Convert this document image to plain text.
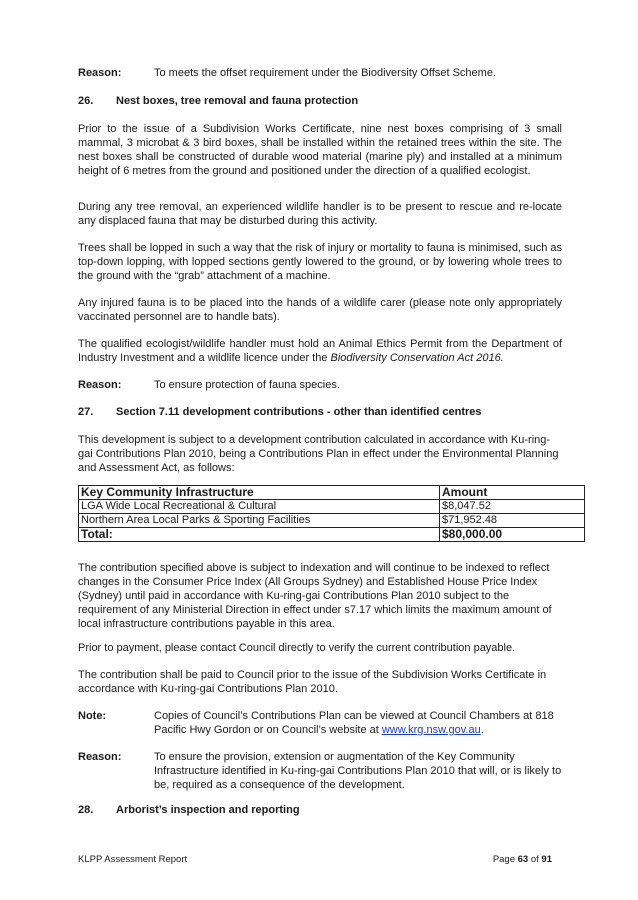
Reason:	To meets the offset requirement under the Biodiversity Offset Scheme.
26. Nest boxes, tree removal and fauna protection

Prior to the issue of a Subdivision Works Certificate, nine nest boxes comprising of 3 small mammal, 3 microbat & 3 bird boxes, shall be installed within the retained trees within the site. The nest boxes shall be constructed of durable wood material (marine ply) and installed at a minimum height of 6 metres from the ground and positioned under the direction of a qualified ecologist.

During any tree removal, an experienced wildlife handler is to be present to rescue and re-locate any displaced fauna that may be disturbed during this activity.

Trees shall be lopped in such a way that the risk of injury or mortality to fauna is minimised, such as top-down lopping, with lopped sections gently lowered to the ground, or by lowering whole trees to the ground with the “grab” attachment of a machine.

Any injured fauna is to be placed into the hands of a wildlife carer (please note only appropriately vaccinated personnel are to handle bats).

The qualified ecologist/wildlife handler must hold an Animal Ethics Permit from the Department of Industry Investment and a wildlife licence under the Biodiversity Conservation Act 2016.

Reason:	To ensure protection of fauna species.
27. Section 7.11 development contributions - other than identified centres

This development is subject to a development contribution calculated in accordance with Ku-ring-gai Contributions Plan 2010, being a Contributions Plan in effect under the Environmental Planning and Assessment Act, as follows:

Key Community Infrastructure	Amount
LGA Wide Local Recreational & Cultural	$8,047.52
Northern Area Local Parks & Sporting Facilities	$71,952.48
Total:	$80,000.00

The contribution specified above is subject to indexation and will continue to be indexed to reflect changes in the Consumer Price Index (All Groups Sydney) and Established House Price Index (Sydney) until paid in accordance with Ku-ring-gai Contributions Plan 2010 subject to the requirement of any Ministerial Direction in effect under s7.17 which limits the maximum amount of local infrastructure contributions payable in this area.

Prior to payment, please contact Council directly to verify the current contribution payable.

The contribution shall be paid to Council prior to the issue of the Subdivision Works Certificate in accordance with Ku-ring-gai Contributions Plan 2010.

Note:	Copies of Council’s Contributions Plan can be viewed at Council Chambers at 818 Pacific Hwy Gordon or on Council’s website at www.krg.nsw.gov.au.
Reason:	To ensure the provision, extension or augmentation of the Key Community Infrastructure identified in Ku-ring-gai Contributions Plan 2010 that will, or is likely to be, required as a consequence of the development.
28. Arborist’s inspection and reporting
KLPP Assessment Report	Page 63 of 91
